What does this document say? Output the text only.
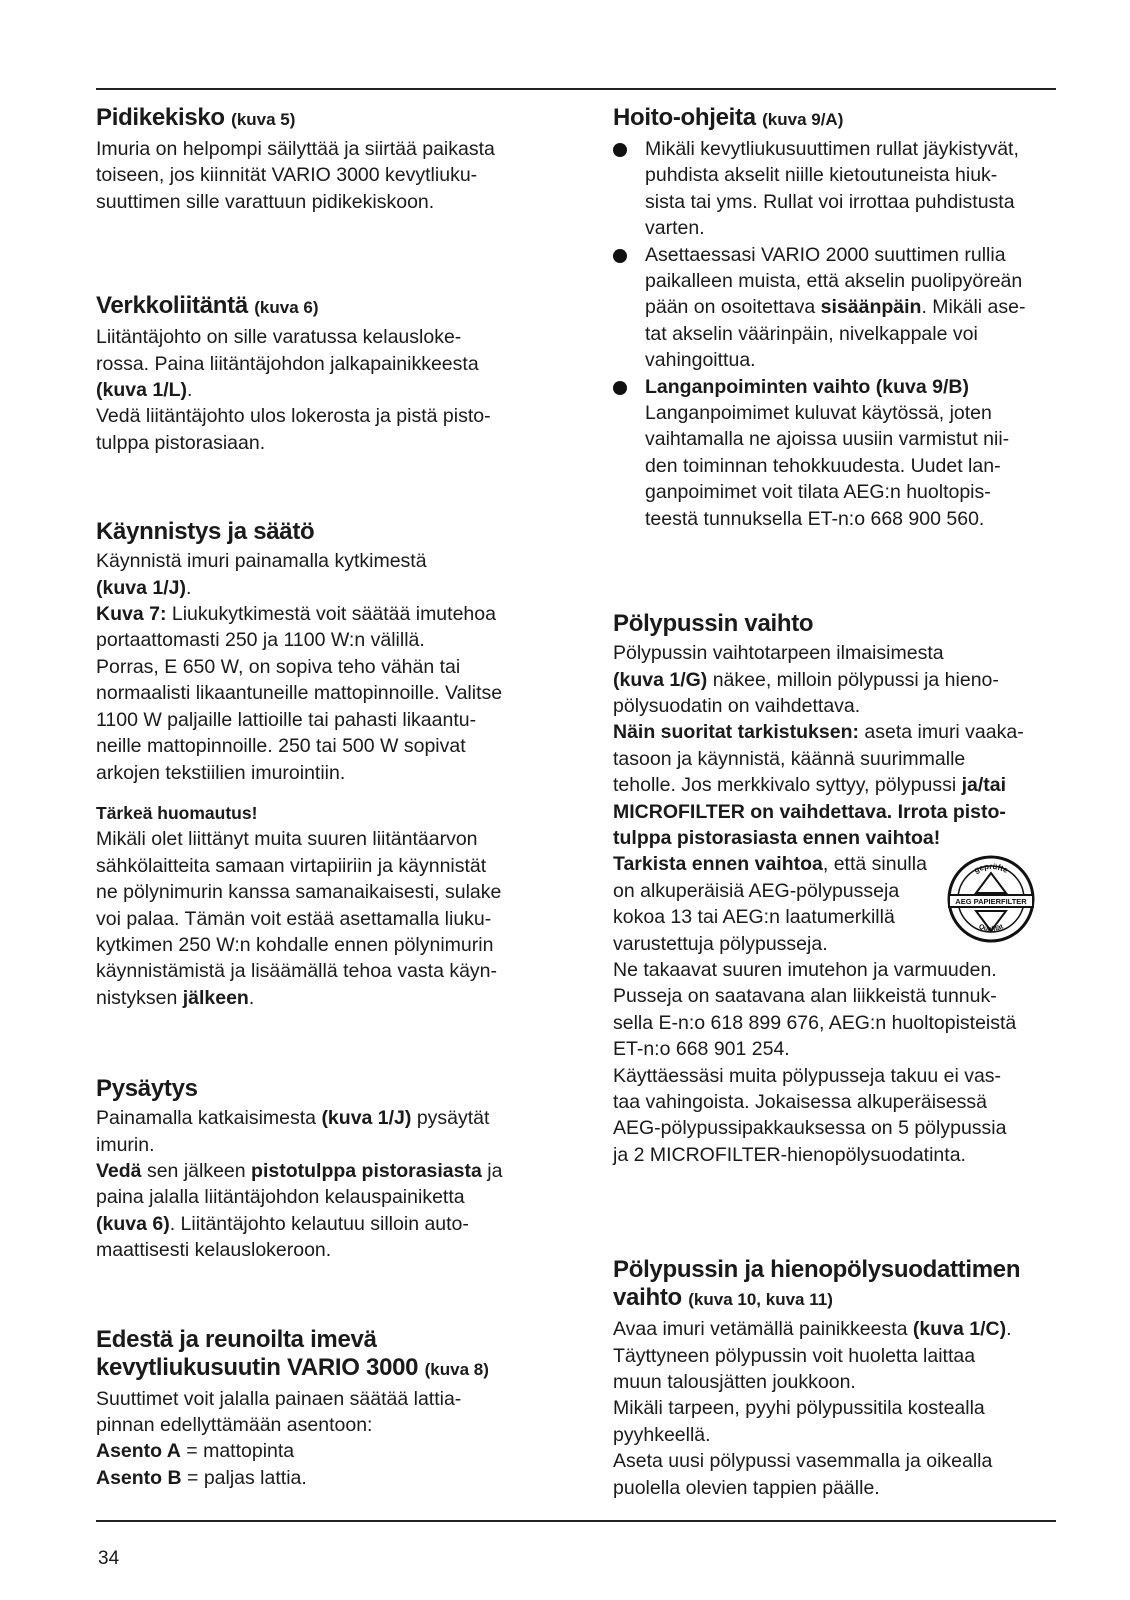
Pidikekisko (kuva 5)

Imuria on helpompi säilyttää ja siirtää paikasta
toiseen, jos kiinnität VARIO 3000 kevytliuku-
suuttimen sille varattuun pidikekiskoon.

Verkkoliitäntä (kuva 6)

Liitäntäjohto on sille varatussa kelausloke-
rossa. Paina liitäntäjohdon jalkapainikkeesta
(kuva 1/L).
Vedä liitäntäjohto ulos lokerosta ja pistä pisto-
tulppa pistorasiaan.

Käynnistys ja säätö

Käynnistä imuri painamalla kytkimestä
(kuva 1/J).
Kuva 7: Liukukytkimestä voit säätää imutehoa
portaattomasti 250 ja 1100 W:n välillä.
Porras, E 650 W, on sopiva teho vähän tai
normaalisti likaantuneille mattopinnoille. Valitse
1100 W paljaille lattioille tai pahasti likaantu-
neille mattopinnoille. 250 tai 500 W sopivat
arkojen tekstiilien imurointiin.

Tärkeä huomautus!

Mikäli olet liittänyt muita suuren liitäntäarvon
sähkölaitteita samaan virtapiiriin ja käynnistät
ne pölynimurin kanssa samanaikaisesti, sulake
voi palaa. Tämän voit estää asettamalla liuku-
kytkimen 250 W:n kohdalle ennen pölynimurin
käynnistämistä ja lisäämällä tehoa vasta käyn-
nistyksen jälkeen.

Pysäytys

Painamalla katkaisimesta (kuva 1/J) pysäytät
imurin.
Vedä sen jälkeen pistotulppa pistorasiasta ja
paina jalalla liitäntäjohdon kelauspainiketta
(kuva 6). Liitäntäjohto kelautuu silloin auto-
maattisesti kelauslokeroon.

Edestä ja reunoilta imevä
kevytliukusuutin VARIO 3000 (kuva 8)

Suuttimet voit jalalla painaen säätää lattia-
pinnan edellyttämään asentoon:
Asento A = mattopinta
Asento B = paljas lattia.

Hoito-ohjeita (kuva 9/A)
Mikäli kevytliukusuuttimen rullat jäykistyvät,
puhdista akselit niille kietoutuneista hiuk-
sista tai yms. Rullat voi irrottaa puhdistusta
varten.
Asettaessasi VARIO 2000 suuttimen rullia
paikalleen muista, että akselin puolipyöreän
pään on osoitettava sisäänpäin. Mikäli ase-
tat akselin väärinpäin, nivelkappale voi
vahingoittua.
Langanpoiminten vaihto (kuva 9/B)
Langanpoimimet kuluvat käytössä, joten
vaihtamalla ne ajoissa uusiin varmistut nii-
den toiminnan tehokkuudesta. Uudet lan-
ganpoimimet voit tilata AEG:n huoltopis-
teestä tunnuksella ET-n:o 668 900 560.
Pölypussin vaihto

Pölypussin vaihtotarpeen ilmaisimesta
(kuva 1/G) näkee, milloin pölypussi ja hieno-
pölysuodatin on vaihdettava.
Näin suoritat tarkistuksen: aseta imuri vaaka-
tasoon ja käynnistä, käännä suurimmalle
teholle. Jos merkkivalo syttyy, pölypussi ja/tai
MICROFILTER on vaihdettava. Irrota pisto-
tulppa pistorasiasta ennen vaihtoa!

geprüfte
AEG PAPIERFILTER
Qualität

Tarkista ennen vaihtoa, että sinulla
on alkuperäisiä AEG-pölypusseja
kokoa 13 tai AEG:n laatumerkillä
varustettuja pölypusseja.

Ne takaavat suuren imutehon ja varmuuden.
Pusseja on saatavana alan liikkeistä tunnuk-
sella E-n:o 618 899 676, AEG:n huoltopisteistä
ET-n:o 668 901 254.
Käyttäessäsi muita pölypusseja takuu ei vas-
taa vahingoista. Jokaisessa alkuperäisessä
AEG-pölypussipakkauksessa on 5 pölypussia
ja 2 MICROFILTER-hienopölysuodatinta.

Pölypussin ja hienopölysuodattimen
vaihto (kuva 10, kuva 11)

Avaa imuri vetämällä painikkeesta (kuva 1/C).
Täyttyneen pölypussin voit huoletta laittaa
muun talousjätten joukkoon.
Mikäli tarpeen, pyyhi pölypussitila kostealla
pyyhkeellä.
Aseta uusi pölypussi vasemmalla ja oikealla
puolella olevien tappien päälle.

34
